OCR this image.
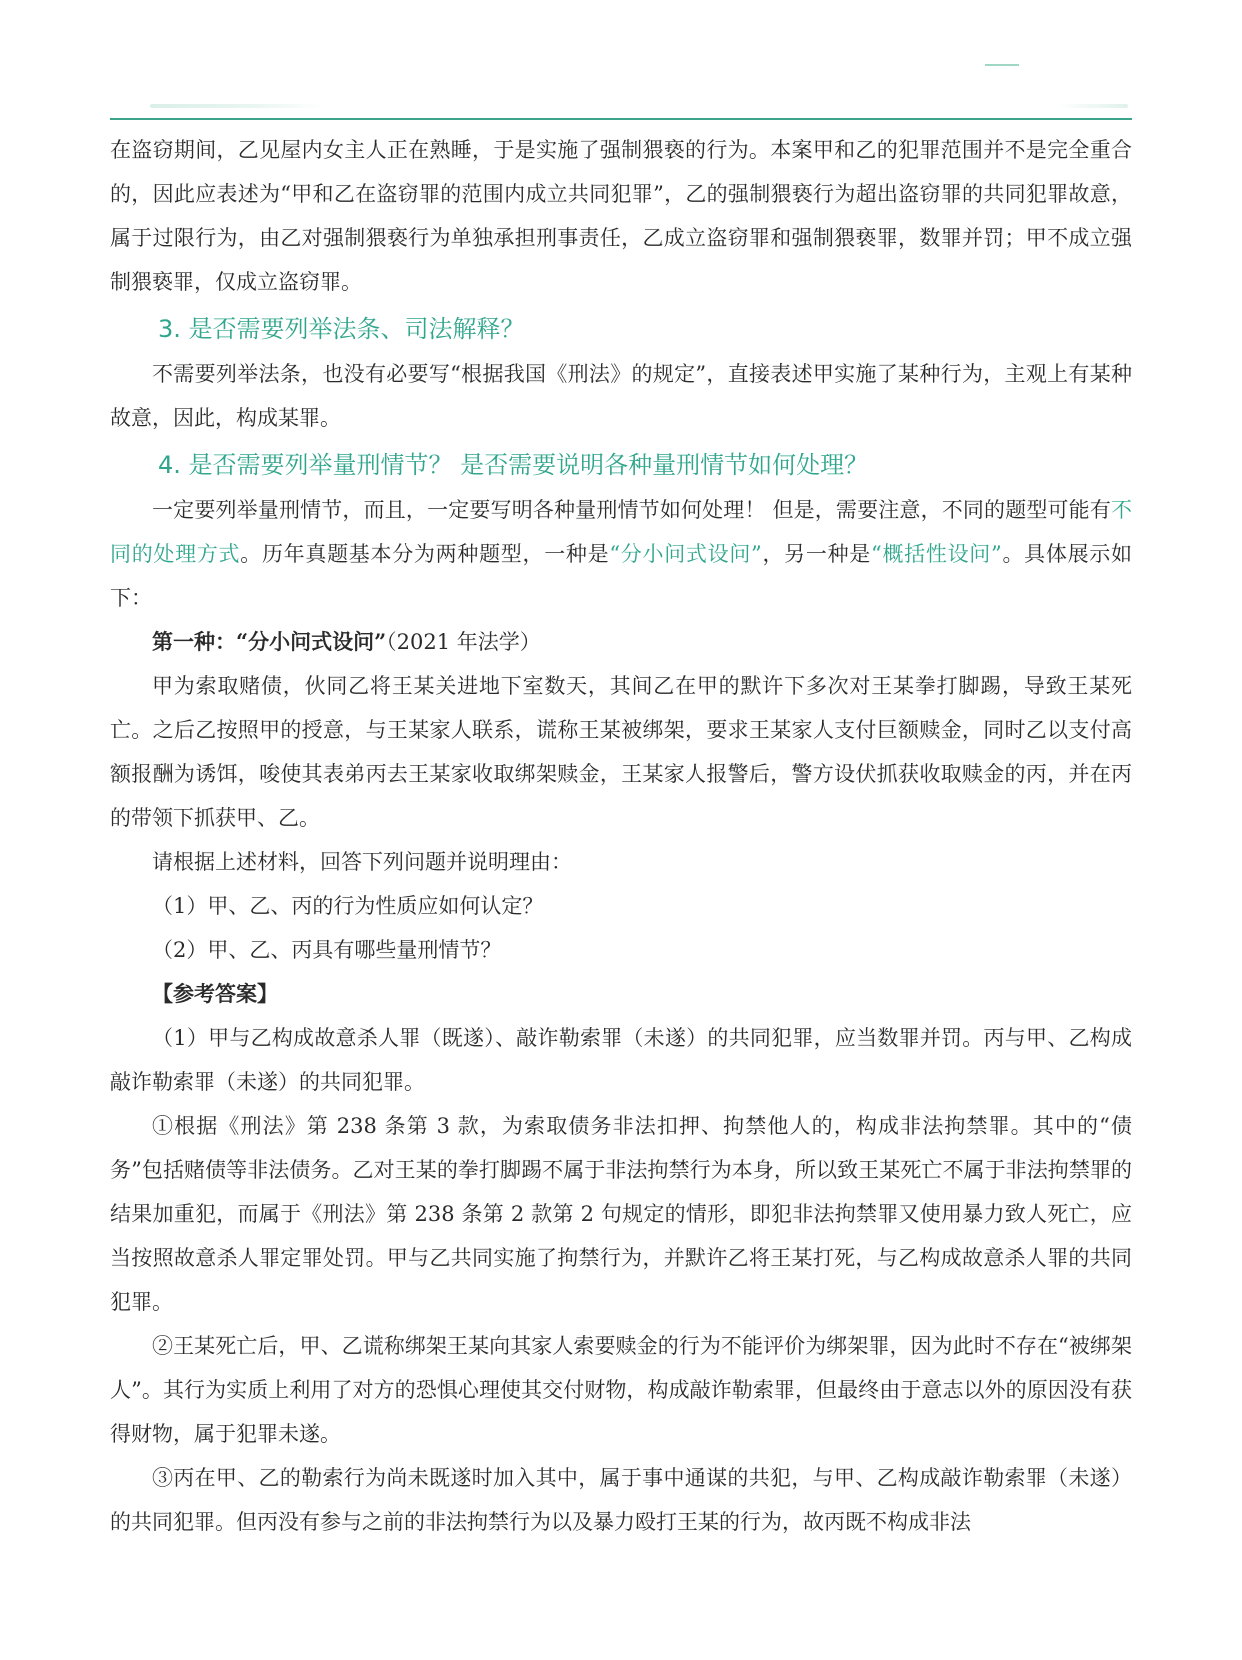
在盗窃期间，乙见屋内女主人正在熟睡，于是实施了强制猥亵的行为。本案甲和乙的犯罪范围并不是完全重合的，因此应表述为“甲和乙在盗窃罪的范围内成立共同犯罪”，乙的强制猥亵行为超出盗窃罪的共同犯罪故意，属于过限行为，由乙对强制猥亵行为单独承担刑事责任，乙成立盗窃罪和强制猥亵罪，数罪并罚；甲不成立强制猥亵罪，仅成立盗窃罪。

3. 是否需要列举法条、司法解释？

不需要列举法条，也没有必要写“根据我国《刑法》的规定”，直接表述甲实施了某种行为，主观上有某种故意，因此，构成某罪。

4. 是否需要列举量刑情节？ 是否需要说明各种量刑情节如何处理？

一定要列举量刑情节，而且，一定要写明各种量刑情节如何处理！ 但是，需要注意，不同的题型可能有不同的处理方式。历年真题基本分为两种题型，一种是“分小问式设问”，另一种是“概括性设问”。具体展示如下：

第一种：“分小问式设问”（2021 年法学）

甲为索取赌债，伙同乙将王某关进地下室数天，其间乙在甲的默许下多次对王某拳打脚踢，导致王某死亡。之后乙按照甲的授意，与王某家人联系，谎称王某被绑架，要求王某家人支付巨额赎金，同时乙以支付高额报酬为诱饵，唆使其表弟丙去王某家收取绑架赎金，王某家人报警后，警方设伏抓获收取赎金的丙，并在丙的带领下抓获甲、乙。

请根据上述材料，回答下列问题并说明理由：

（1）甲、乙、丙的行为性质应如何认定？

（2）甲、乙、丙具有哪些量刑情节？

【参考答案】

（1）甲与乙构成故意杀人罪（既遂）、敲诈勒索罪（未遂）的共同犯罪，应当数罪并罚。丙与甲、乙构成敲诈勒索罪（未遂）的共同犯罪。

①根据《刑法》第 238 条第 3 款，为索取债务非法扣押、拘禁他人的，构成非法拘禁罪。其中的“债务”包括赌债等非法债务。乙对王某的拳打脚踢不属于非法拘禁行为本身，所以致王某死亡不属于非法拘禁罪的结果加重犯，而属于《刑法》第 238 条第 2 款第 2 句规定的情形，即犯非法拘禁罪又使用暴力致人死亡，应当按照故意杀人罪定罪处罚。甲与乙共同实施了拘禁行为，并默许乙将王某打死，与乙构成故意杀人罪的共同犯罪。

②王某死亡后，甲、乙谎称绑架王某向其家人索要赎金的行为不能评价为绑架罪，因为此时不存在“被绑架人”。其行为实质上利用了对方的恐惧心理使其交付财物，构成敲诈勒索罪，但最终由于意志以外的原因没有获得财物，属于犯罪未遂。

③丙在甲、乙的勒索行为尚未既遂时加入其中，属于事中通谋的共犯，与甲、乙构成敲诈勒索罪（未遂）的共同犯罪。但丙没有参与之前的非法拘禁行为以及暴力殴打王某的行为，故丙既不构成非法
